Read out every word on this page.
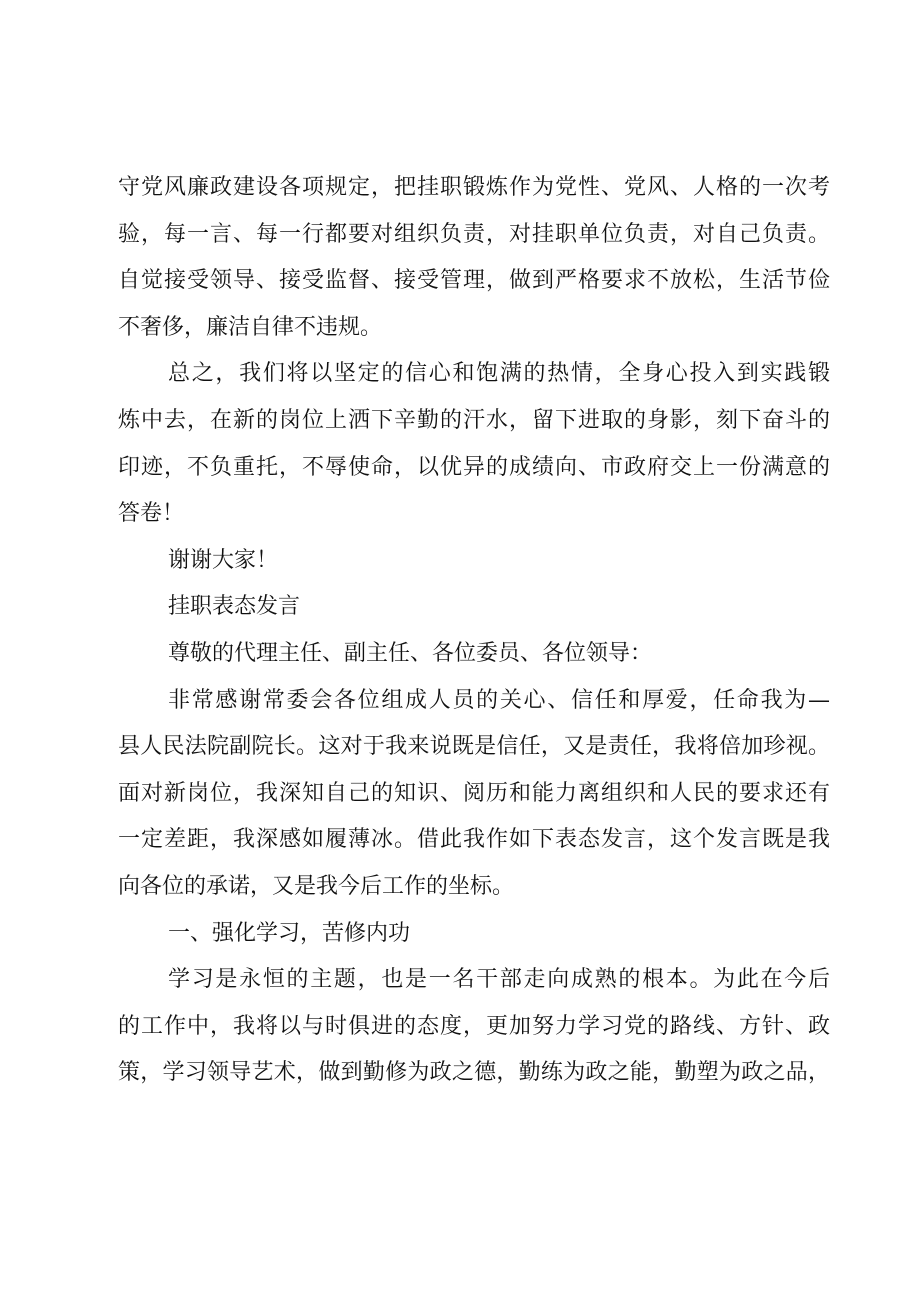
守党风廉政建设各项规定，把挂职锻炼作为党性、党风、人格的一次考
验，每一言、每一行都要对组织负责，对挂职单位负责，对自己负责。
自觉接受领导、接受监督、接受管理，做到严格要求不放松，生活节俭
不奢侈，廉洁自律不违规。
总之，我们将以坚定的信心和饱满的热情，全身心投入到实践锻
炼中去，在新的岗位上洒下辛勤的汗水，留下进取的身影，刻下奋斗的
印迹，不负重托，不辱使命，以优异的成绩向、市政府交上一份满意的
答卷！
谢谢大家！
挂职表态发言
尊敬的代理主任、副主任、各位委员、各位领导：
非常感谢常委会各位组成人员的关心、信任和厚爱，任命我为—
县人民法院副院长。这对于我来说既是信任，又是责任，我将倍加珍视。
面对新岗位，我深知自己的知识、阅历和能力离组织和人民的要求还有
一定差距，我深感如履薄冰。借此我作如下表态发言，这个发言既是我
向各位的承诺，又是我今后工作的坐标。
一、强化学习，苦修内功
学习是永恒的主题，也是一名干部走向成熟的根本。为此在今后
的工作中，我将以与时俱进的态度，更加努力学习党的路线、方针、政
策，学习领导艺术，做到勤修为政之德，勤练为政之能，勤塑为政之品，
